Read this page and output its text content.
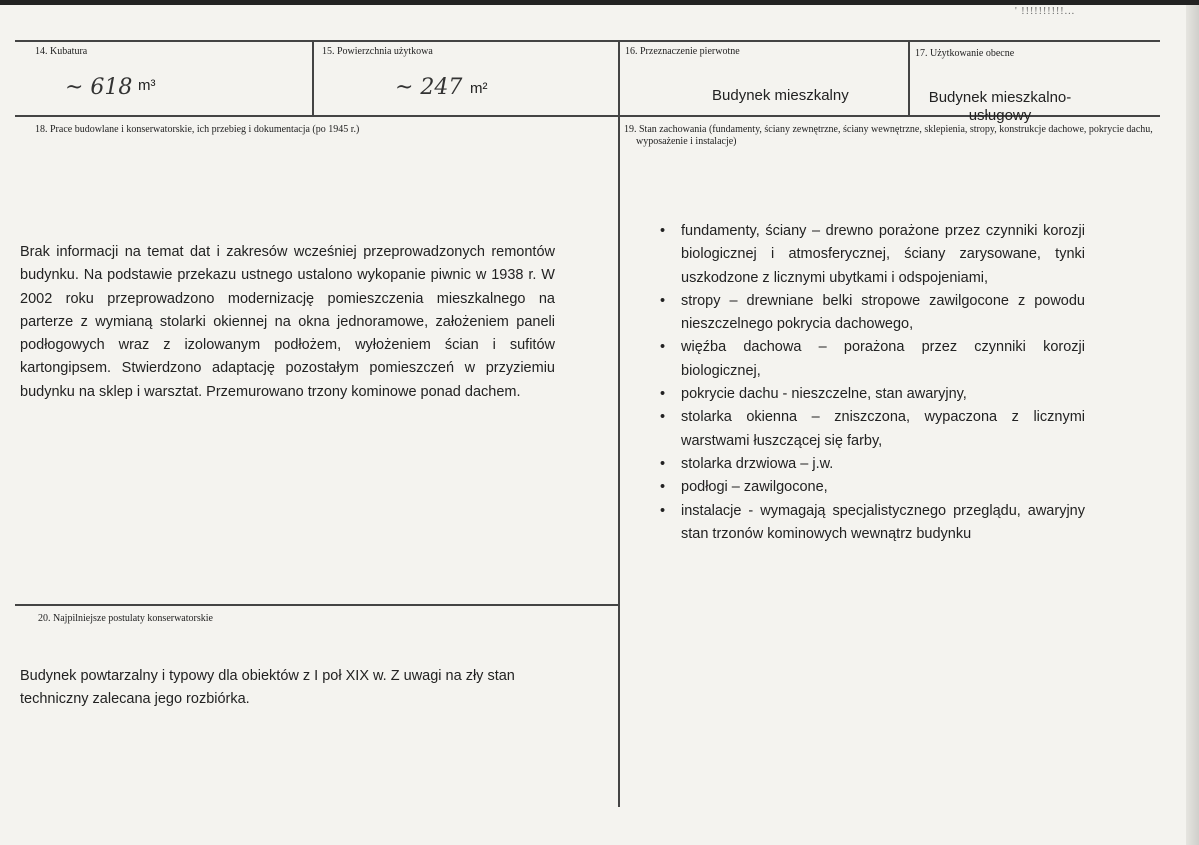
' !!!!!!!!!!...
14. Kubatura
~ 618 m³
15. Powierzchnia użytkowa
~ 247 m²
16. Przeznaczenie pierwotne
Budynek mieszkalny
17. Użytkowanie obecne
Budynek mieszkalno-usługowy
18. Prace budowlane i konserwatorskie, ich przebieg i dokumentacja (po 1945 r.)
Brak informacji na temat dat i zakresów wcześniej przeprowadzonych remontów budynku. Na podstawie przekazu ustnego ustalono wykopanie piwnic w 1938 r. W 2002 roku przeprowadzono modernizację pomieszczenia mieszkalnego na parterze z wymianą stolarki okiennej na okna jednoramowe, założeniem paneli podłogowych wraz z izolowanym podłożem, wyłożeniem ścian i sufitów kartongipsem. Stwierdzono adaptację pozostałym pomieszczeń w przyziemiu budynku na sklep i warsztat. Przemurowano trzony kominowe ponad dachem.
19. Stan zachowania (fundamenty, ściany zewnętrzne, ściany wewnętrzne, sklepienia, stropy, konstrukcje dachowe, pokrycie dachu, wyposażenie i instalacje)
• fundamenty, ściany – drewno porażone przez czynniki korozji biologicznej i atmosferycznej, ściany zarysowane, tynki uszkodzone z licznymi ubytkami i odspojeniami,
• stropy – drewniane belki stropowe zawilgocone z powodu nieszczelnego pokrycia dachowego,
• więźba dachowa – porażona przez czynniki korozji biologicznej,
• pokrycie dachu - nieszczelne, stan awaryjny,
• stolarka okienna – zniszczona, wypaczona z licznymi warstwami łuszczącej się farby,
• stolarka drzwiowa – j.w.
• podłogi – zawilgocone,
• instalacje - wymagają specjalistycznego przeglądu, awaryjny stan trzonów kominowych wewnątrz budynku
20. Najpilniejsze postulaty konserwatorskie
Budynek powtarzalny i typowy dla obiektów z I poł XIX w. Z uwagi na zły stan techniczny zalecana jego rozbiórka.
